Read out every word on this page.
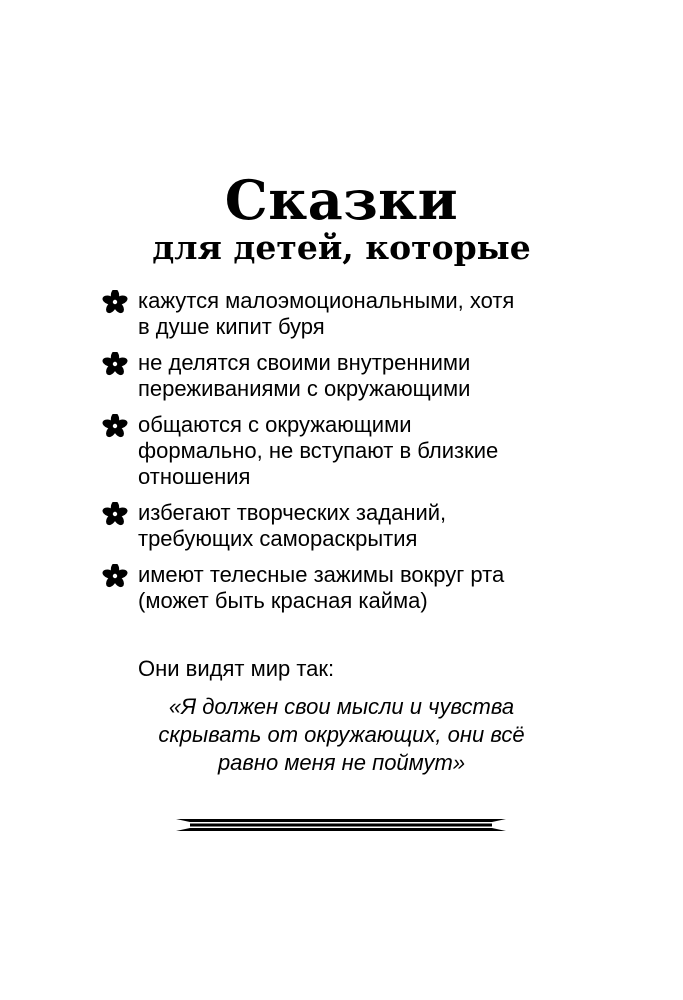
Сказки
для детей, которые
кажутся малоэмоциональными, хотя
в душе кипит буря
не делятся своими внутренними
переживаниями с окружающими
общаются с окружающими
формально, не вступают в близкие
отношения
избегают творческих заданий,
требующих самораскрытия
имеют телесные зажимы вокруг рта
(может быть красная кайма)
Они видят мир так:
«Я должен свои мысли и чувства
скрывать от окружающих, они всё
равно меня не поймут»
